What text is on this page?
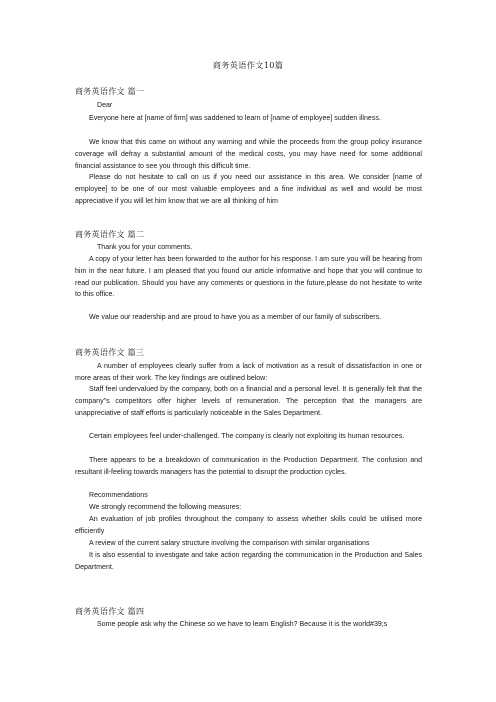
商务英语作文10篇
商务英语作文 篇一

Dear

Everyone here at [name of firm] was saddened to learn of [name of employee] sudden illness.

We know that this came on without any warning and while the proceeds from the group policy insurance coverage will defray a substantial amount of the medical costs, you may have need for some additional financial assistance to see you through this difficult time.

Please do not hesitate to call on us if you need our assistance in this area. We consider [name of employee] to be one of our most valuable employees and a fine individual as well and would be most appreciative if you will let him know that we are all thinking of him

商务英语作文 篇二

Thank you for your comments.

A copy of your letter has been forwarded to the author for his response. I am sure you will be hearing from him in the near future. I am pleased that you found our article informative and hope that you will continue to read our publication. Should you have any comments or questions in the future,please do not hesitate to write to this office.

We value our readership and are proud to have you as a member of our family of subscribers.

商务英语作文 篇三

A number of employees clearly suffer from a lack of motivation as a result of dissatisfaction in one or more areas of their work. The key findings are outlined below:

Staff feel undervalued by the company, both on a financial and a personal level. It is generally felt that the company"s competitors offer higher levels of remuneration. The perception that the managers are unappreciative of staff efforts is particularly noticeable in the Sales Department.

Certain employees feel under-challenged. The company is clearly not exploiting its human resources.

There appears to be a breakdown of communication in the Production Department. The confusion and resultant ill-feeling towards managers has the potential to disrupt the production cycles.

Recommendations

We strongly recommend the following measures:

An evaluation of job profiles throughout the company to assess whether skills could be utilised more efficiently

A review of the current salary structure involving the comparison with similar organisations

It is also essential to investigate and take action regarding the communication in the Production and Sales Department.

商务英语作文 篇四

Some people ask why the Chinese so we have to learn English? Because it is the world#39;s
